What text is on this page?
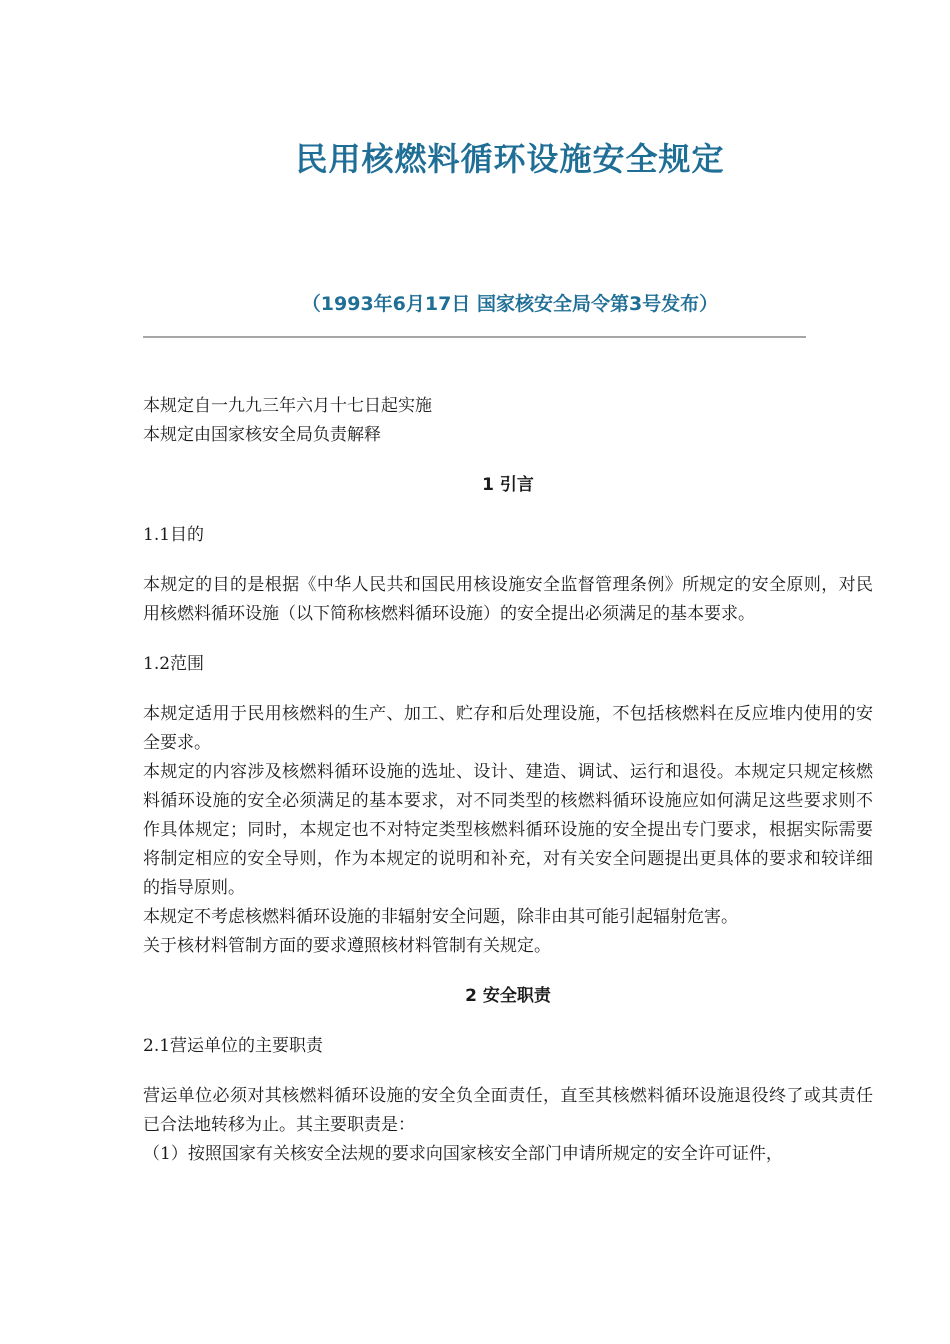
民用核燃料循环设施安全规定
（1993年6月17日 国家核安全局令第3号发布）
本规定自一九九三年六月十七日起实施
本规定由国家核安全局负责解释
1 引言
1.1目的

本规定的目的是根据《中华人民共和国民用核设施安全监督管理条例》所规定的安全原则，对民用核燃料循环设施（以下简称核燃料循环设施）的安全提出必须满足的基本要求。

1.2范围

本规定适用于民用核燃料的生产、加工、贮存和后处理设施，不包括核燃料在反应堆内使用的安全要求。

本规定的内容涉及核燃料循环设施的选址、设计、建造、调试、运行和退役。本规定只规定核燃料循环设施的安全必须满足的基本要求，对不同类型的核燃料循环设施应如何满足这些要求则不作具体规定；同时，本规定也不对特定类型核燃料循环设施的安全提出专门要求，根据实际需要将制定相应的安全导则，作为本规定的说明和补充，对有关安全问题提出更具体的要求和较详细的指导原则。

本规定不考虑核燃料循环设施的非辐射安全问题，除非由其可能引起辐射危害。

关于核材料管制方面的要求遵照核材料管制有关规定。

2 安全职责
2.1营运单位的主要职责

营运单位必须对其核燃料循环设施的安全负全面责任，直至其核燃料循环设施退役终了或其责任已合法地转移为止。其主要职责是：

（1）按照国家有关核安全法规的要求向国家核安全部门申请所规定的安全许可证件，
